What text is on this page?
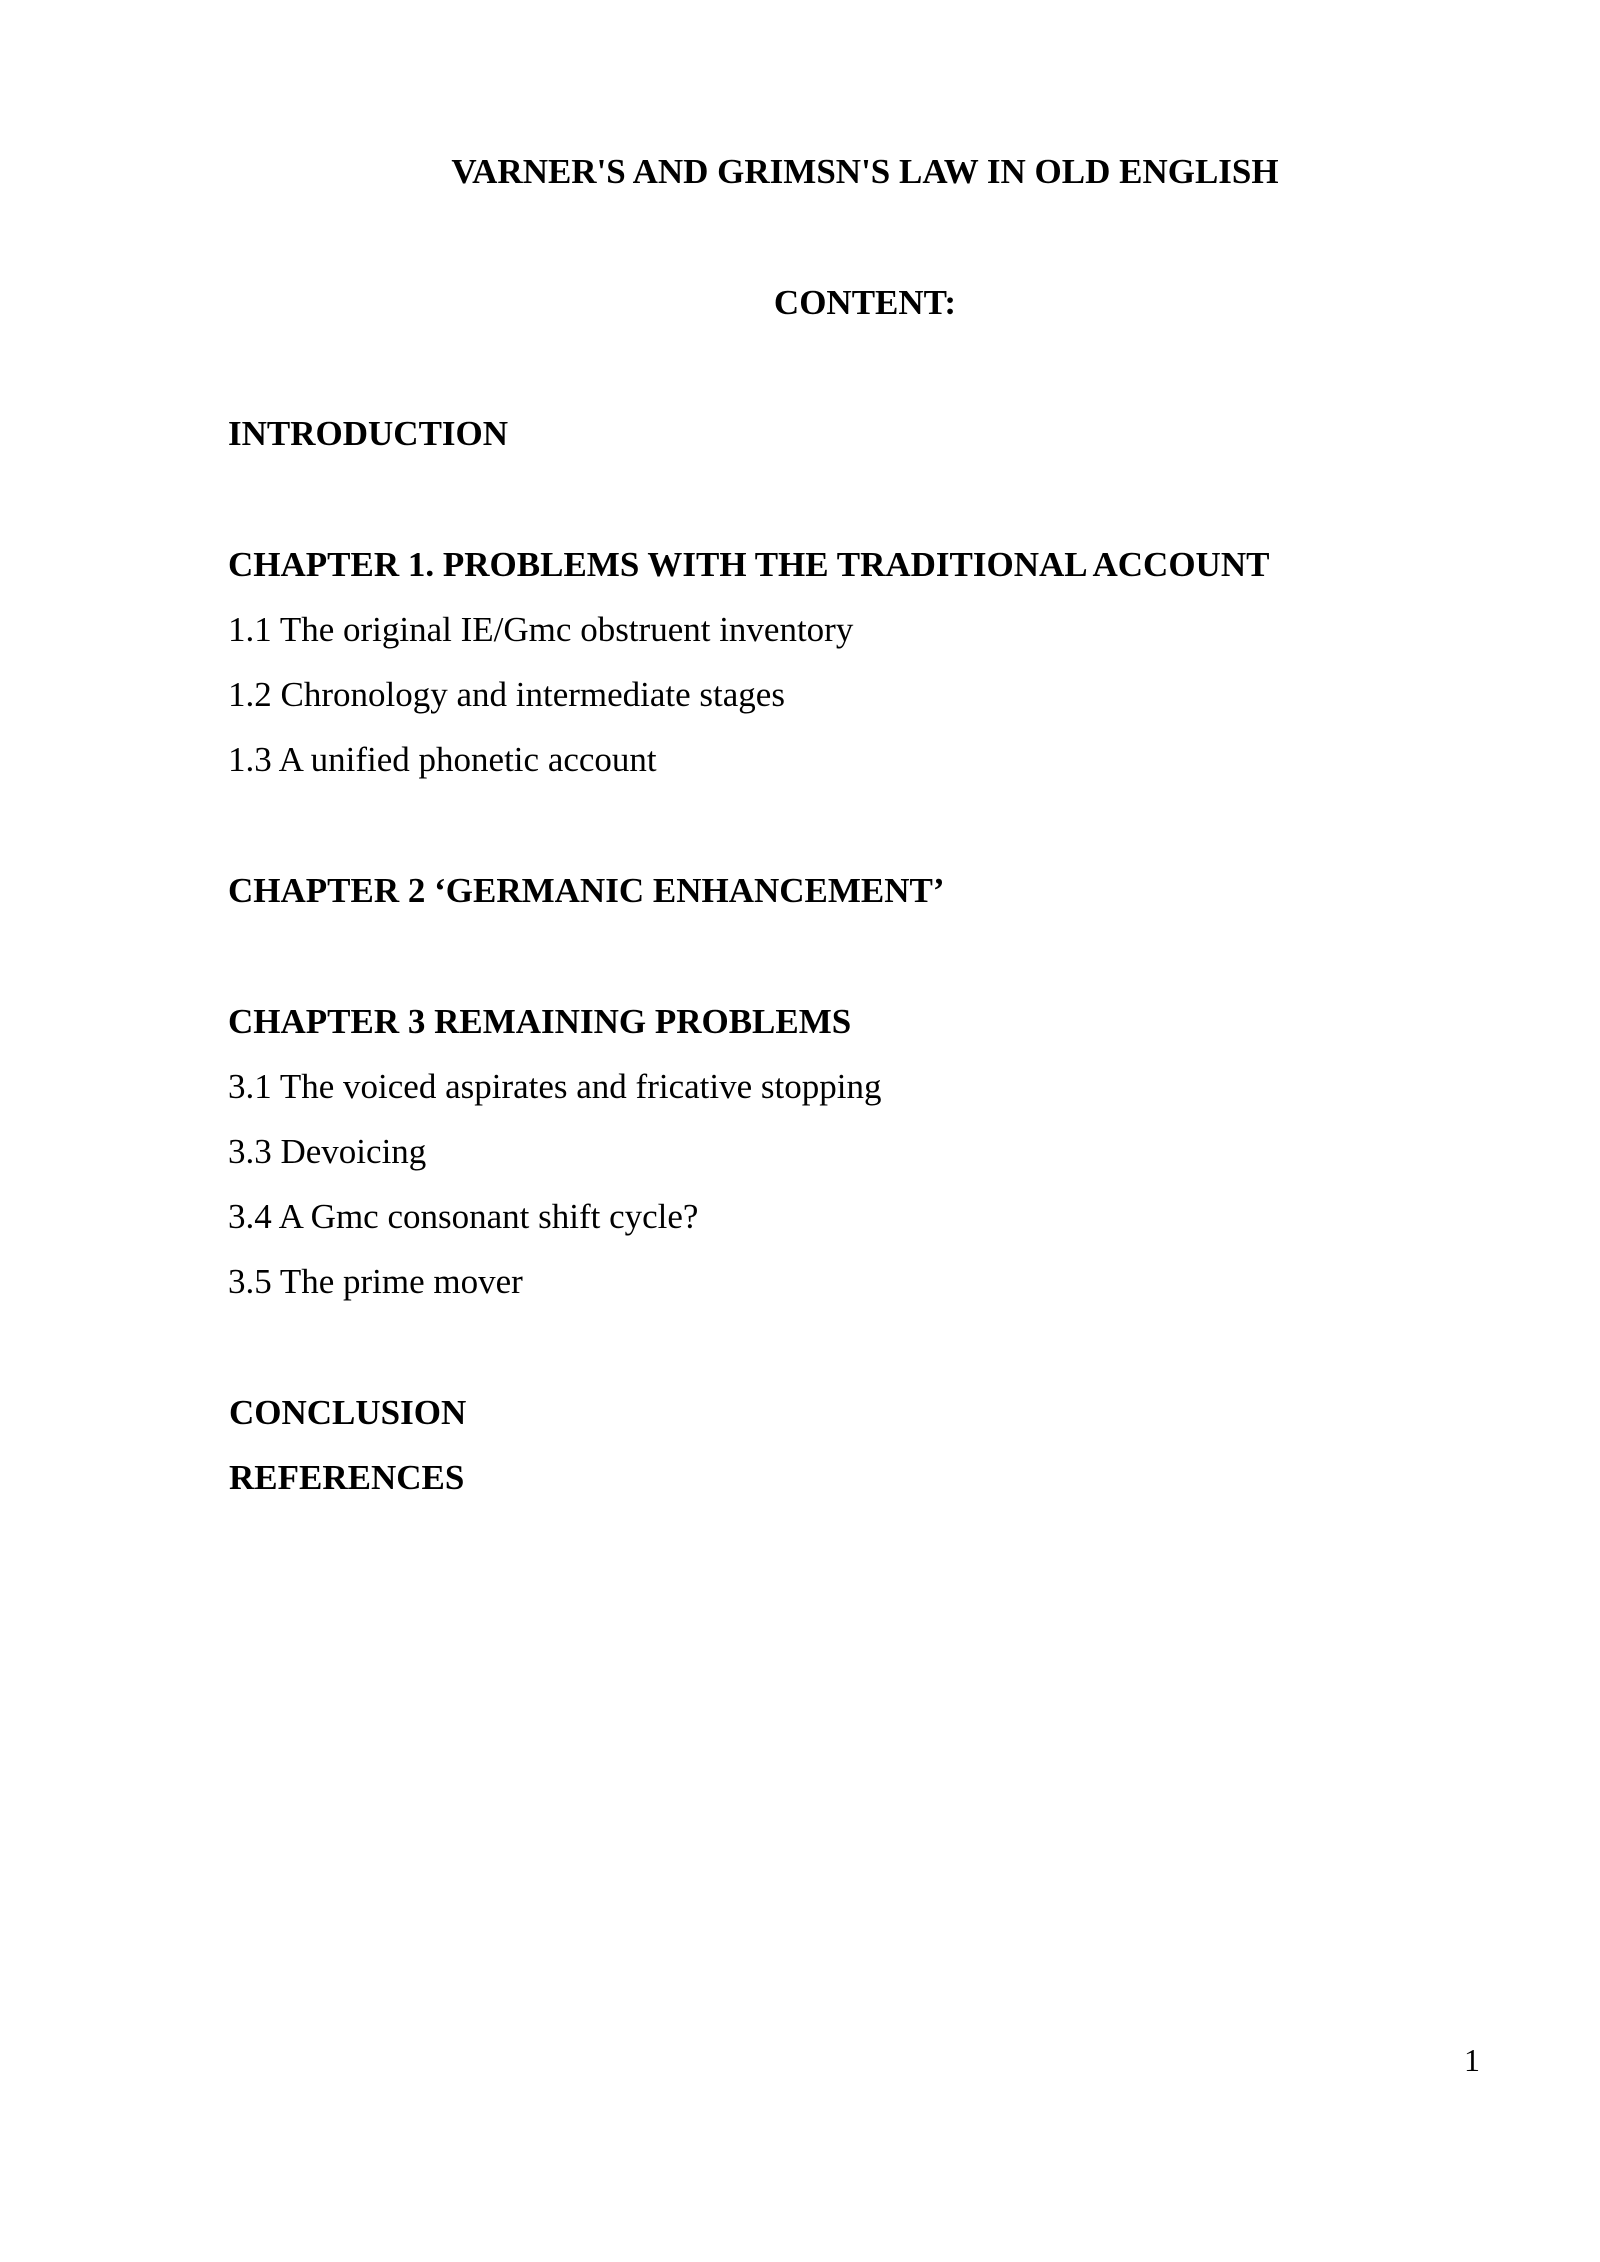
VARNER'S AND GRIMSN'S LAW IN OLD ENGLISH
CONTENT:
INTRODUCTION
CHAPTER 1. PROBLEMS WITH THE TRADITIONAL ACCOUNT
1.1 The original IE/Gmc obstruent inventory
1.2 Chronology and intermediate stages
1.3 A unified phonetic account
CHAPTER 2 ‘GERMANIC ENHANCEMENT’
CHAPTER 3 REMAINING PROBLEMS
3.1 The voiced aspirates and fricative stopping
3.3 Devoicing
3.4 A Gmc consonant shift cycle?
3.5 The prime mover
CONCLUSION
REFERENCES
1
